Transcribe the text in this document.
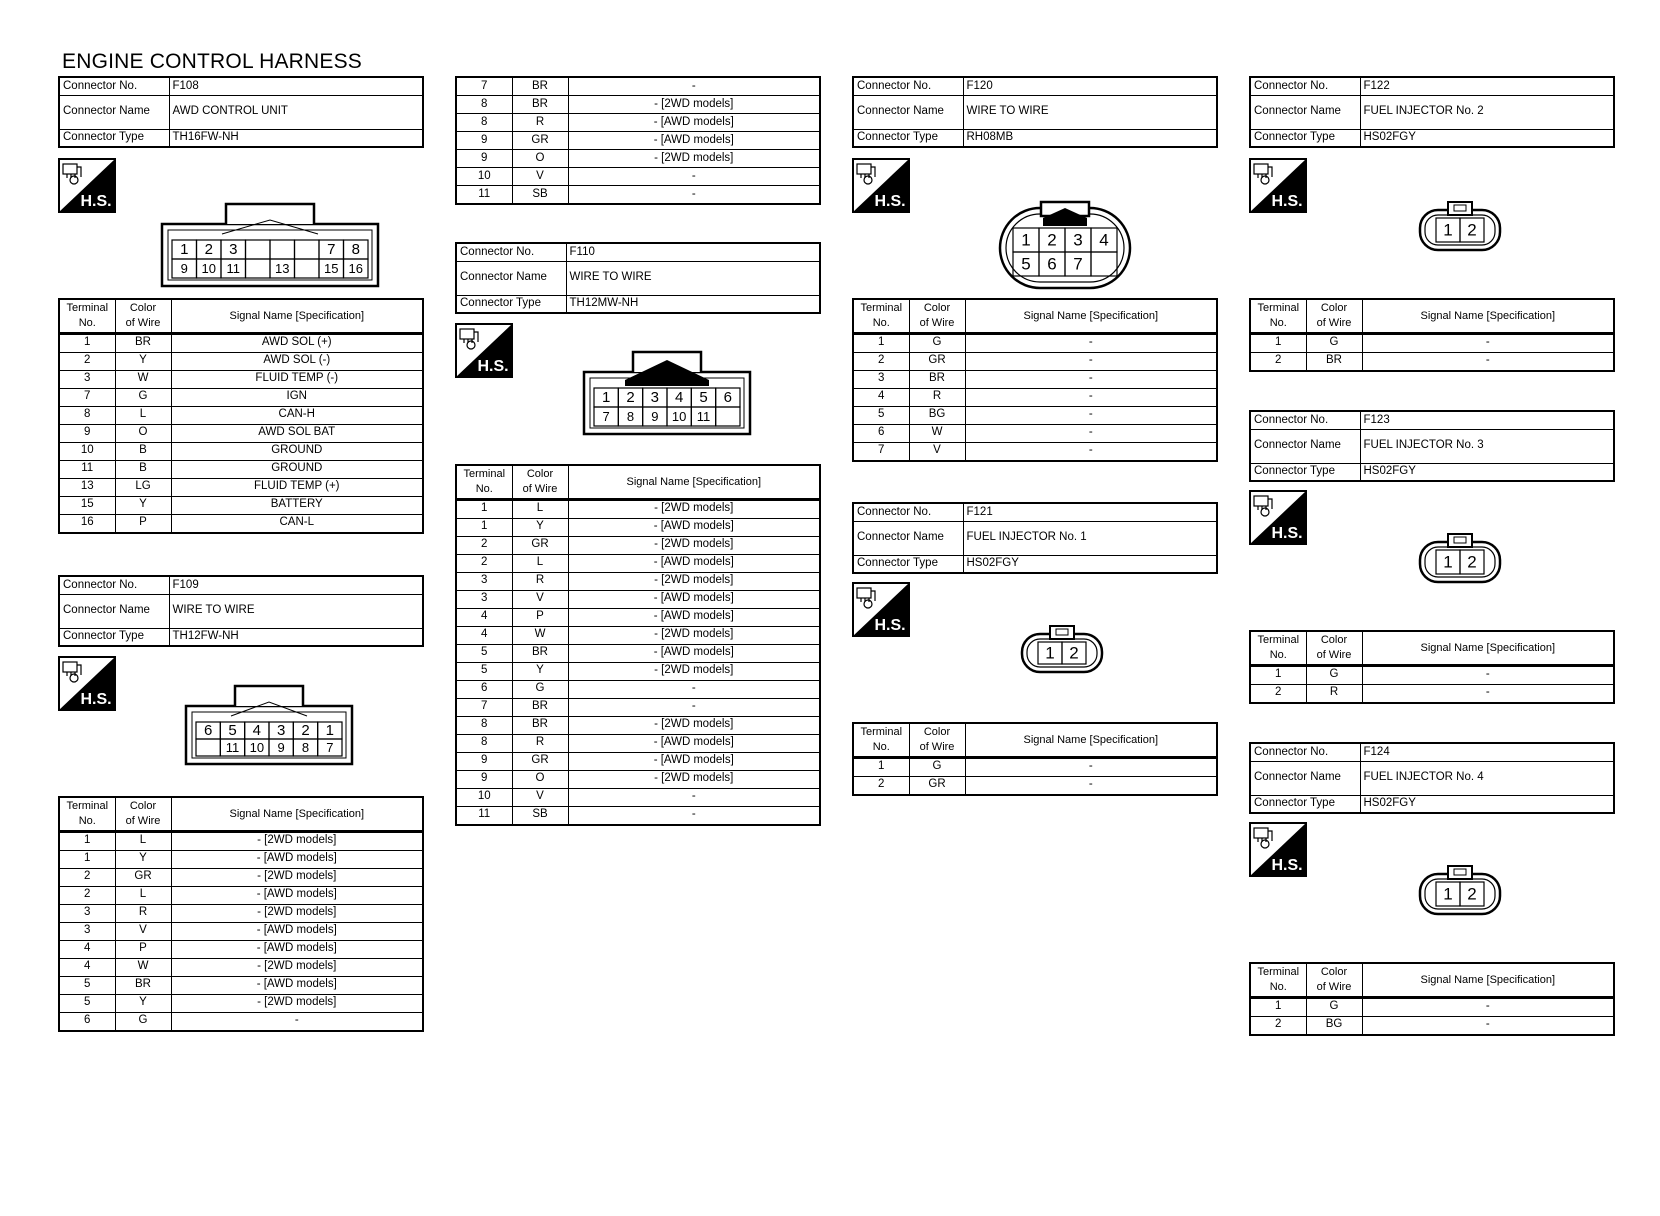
ENGINE CONTROL HARNESS
Connector No.	F108
Connector Name	AWD CONTROL UNIT
Connector Type	TH16FW-NH
H.S.
1 2 3	7 8
9 10 11	13	15 16
Terminal
No.	Color
of Wire	Signal Name [Specification]
1	BR	AWD SOL (+)
2	Y	AWD SOL (-)
3	W	FLUID TEMP (-)
7	G	IGN
8	L	CAN-H
9	O	AWD SOL BAT
10	B	GROUND
11	B	GROUND
13	LG	FLUID TEMP (+)
15	Y	BATTERY
16	P	CAN-L
Connector No.	F109
Connector Name	WIRE TO WIRE
Connector Type	TH12FW-NH
H.S.
6 5 4 3 2 1
11 10 9 8 7
Terminal
No.	Color
of Wire	Signal Name [Specification]
1	L	- [2WD models]
1	Y	- [AWD models]
2	GR	- [2WD models]
2	L	- [AWD models]
3	R	- [2WD models]
3	V	- [AWD models]
4	P	- [AWD models]
4	W	- [2WD models]
5	BR	- [AWD models]
5	Y	- [2WD models]
6	G	-
7	BR	-
8	BR	- [2WD models]
8	R	- [AWD models]
9	GR	- [AWD models]
9	O	- [2WD models]
10	V	-
11	SB	-
Connector No.	F110
Connector Name	WIRE TO WIRE
Connector Type	TH12MW-NH
H.S.
1 2 3 4 5 6
7 8 9 10 11
Terminal
No.	Color
of Wire	Signal Name [Specification]
1	L	- [2WD models]
1	Y	- [AWD models]
2	GR	- [2WD models]
2	L	- [AWD models]
3	R	- [2WD models]
3	V	- [AWD models]
4	P	- [AWD models]
4	W	- [2WD models]
5	BR	- [AWD models]
5	Y	- [2WD models]
6	G	-
7	BR	-
8	BR	- [2WD models]
8	R	- [AWD models]
9	GR	- [AWD models]
9	O	- [2WD models]
10	V	-
11	SB	-
Connector No.	F120
Connector Name	WIRE TO WIRE
Connector Type	RH08MB
H.S.
1 2 3 4
5 6 7
Terminal
No.	Color
of Wire	Signal Name [Specification]
1	G	-
2	GR	-
3	BR	-
4	R	-
5	BG	-
6	W	-
7	V	-
Connector No.	F121
Connector Name	FUEL INJECTOR No. 1
Connector Type	HS02FGY
H.S.
1 2
Terminal
No.	Color
of Wire	Signal Name [Specification]
1	G	-
2	GR	-
Connector No.	F122
Connector Name	FUEL INJECTOR No. 2
Connector Type	HS02FGY
H.S.
1 2
Terminal
No.	Color
of Wire	Signal Name [Specification]
1	G	-
2	BR	-
Connector No.	F123
Connector Name	FUEL INJECTOR No. 3
Connector Type	HS02FGY
H.S.
1 2
Terminal
No.	Color
of Wire	Signal Name [Specification]
1	G	-
2	R	-
Connector No.	F124
Connector Name	FUEL INJECTOR No. 4
Connector Type	HS02FGY
H.S.
1 2
Terminal
No.	Color
of Wire	Signal Name [Specification]
1	G	-
2	BG	-
